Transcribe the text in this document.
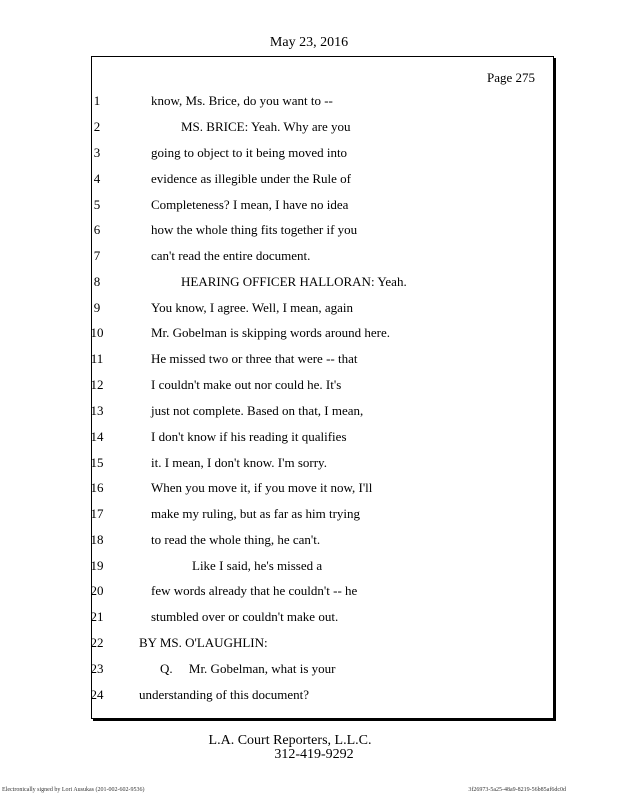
May 23, 2016
Page 275
1	know, Ms. Brice, do you want to --
2	MS. BRICE: Yeah. Why are you
3	going to object to it being moved into
4	evidence as illegible under the Rule of
5	Completeness? I mean, I have no idea
6	how the whole thing fits together if you
7	can't read the entire document.
8	HEARING OFFICER HALLORAN: Yeah.
9	You know, I agree. Well, I mean, again
10	Mr. Gobelman is skipping words around here.
11	He missed two or three that were -- that
12	I couldn't make out nor could he. It's
13	just not complete. Based on that, I mean,
14	I don't know if his reading it qualifies
15	it. I mean, I don't know. I'm sorry.
16	When you move it, if you move it now, I'll
17	make my ruling, but as far as him trying
18	to read the whole thing, he can't.
19	Like I said, he's missed a
20	few words already that he couldn't -- he
21	stumbled over or couldn't make out.
22	BY MS. O'LAUGHLIN:
23	Q.     Mr. Gobelman, what is your
24	understanding of this document?
L.A. Court Reporters, L.L.C.
312-419-9292
Electronically signed by Lori Ausukas (201-002-602-9536)	3f26973-5a25-48a9-8219-56b85af6dc0d
